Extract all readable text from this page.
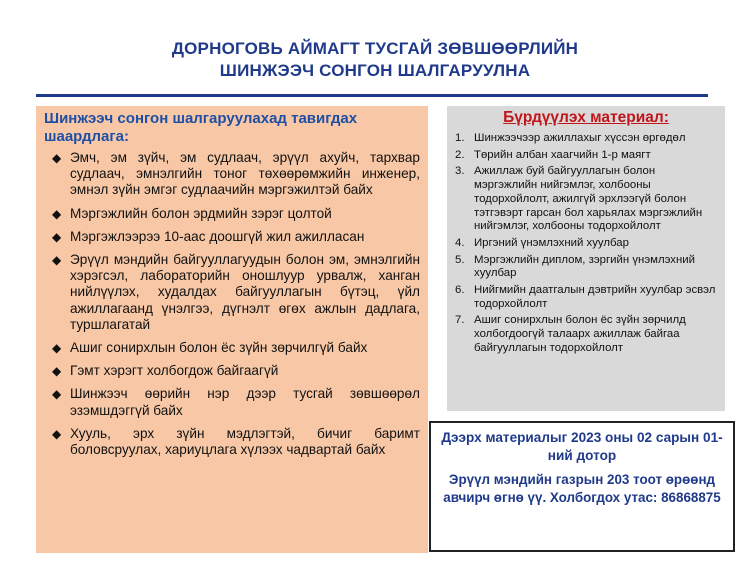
ДОРНОГОВЬ АЙМАГТ ТУСГАЙ ЗӨВШӨӨРЛИЙН
ШИНЖЭЭЧ СОНГОН ШАЛГАРУУЛНА
Шинжээч сонгон шалгаруулахад тавигдах шаардлага:
◆ Эмч, эм зүйч, эм судлаач, эрүүл ахуйч, тархвар судлаач, эмнэлгийн тоног төхөөрөмжийн инженер, эмнэл зүйн эмгэг судлаачийн мэргэжилтэй байх
◆ Мэргэжлийн болон эрдмийн зэрэг цолтой
◆ Мэргэжлээрээ 10-аас доошгүй жил ажилласан
◆ Эрүүл мэндийн байгууллагуудын болон эм, эмнэлгийн хэрэгсэл, лабораторийн оношлуур урвалж, ханган нийлүүлэх, худалдах байгууллагын бүтэц, үйл ажиллагаанд үнэлгээ, дүгнэлт өгөх ажлын дадлага, туршлагатай
◆ Ашиг сонирхлын болон ёс зүйн зөрчилгүй байх
◆ Гэмт хэрэгт холбогдож байгаагүй
◆ Шинжээч өөрийн нэр дээр тусгай зөвшөөрөл эзэмшдэггүй байх
◆ Хууль, эрх зүйн мэдлэгтэй, бичиг баримт боловсруулах, хариуцлага хүлээх чадвартай байх
Бүрдүүлэх материал:
1. Шинжээчээр ажиллахыг хүссэн өргөдөл
2. Төрийн албан хаагчийн 1-р маягт
3. Ажиллаж буй байгууллагын болон мэргэжлийн нийгэмлэг, холбооны тодорхойлолт, ажилгүй эрхлээгүй болон тэтгэвэрт гарсан бол харьялах мэргэжлийн нийгэмлэг, холбооны тодорхойлолт
4. Иргэний үнэмлэхний хуулбар
5. Мэргэжлийн диплом, зэргийн үнэмлэхний хуулбар
6. Нийгмийн даатгалын дэвтрийн хуулбар эсвэл тодорхойлолт
7. Ашиг сонирхлын болон ёс зүйн зөрчилд холбогдоогүй талаарх ажиллаж байгаа байгууллагын тодорхойлолт
Дээрх материалыг 2023 оны 02 сарын 01-ний дотор
Эрүүл мэндийн газрын 203 тоот өрөөнд авчирч өгнө үү. Холбогдох утас: 86868875
